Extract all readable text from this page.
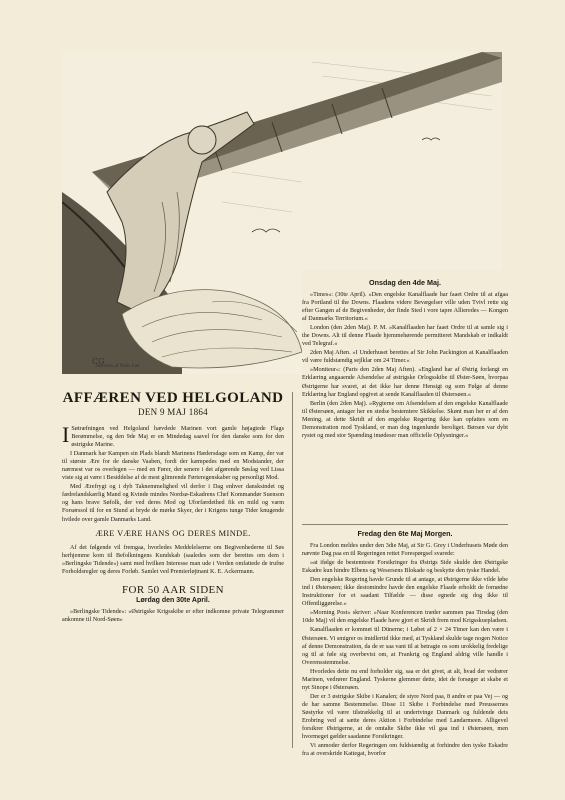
CG
Stævnen af Niels Juel
Onsdag den 4de Maj.

»Times«: (30te April). »Den engelske Kanalflaade har faaet Ordre til at afgaa fra Portland til the Downs. Flaadens videre Bevægelser ville uden Tvivl rette sig efter Gangen af de Begivenheder, der finde Sted i vore tapre Allieredes — Kongen af Danmarks Territorium.«

London (den 2den Maj). P. M. »Kanalflaaden har faaet Ordre til at samle sig i the Downs. Alt til denne Flaade hjemmehørende permitteret Mandskab er indkaldt ved Telegraf.«

2den Maj Aften. »I Underhuset berettes af Sir John Packington at Kanalflaaden vil være fuldstændig sejlklar om 24 Timer.«

»Moniteur«: (Paris den 2den Maj Aften). »England har af Østrig forlangt en Erklæring angaaende Afsendelse af østrigske Orlogsskibe til Øster-Søen, hvorpaa Østrigerne har svaret, at det ikke har denne Hensigt og som Følge af denne Erklæring har England opgivet at sende Kanalflaaden til Østersøen.«

Berlin (den 2den Maj). »Rygterne om Afsendelsen af den engelske Kanalflaade til Østersøen, antager her en stedse bestemtere Skikkelse. Skønt man her er af den Mening, at dette Skridt af den engelske Regering ikke kan opfattes som en Demonstration mod Tyskland, er man dog ingenlunde beroliget. Børsen var dybt rystet og med stor Spænding imødeser man officielle Oplysninger.«

AFFÆREN VED HELGOLAND
DEN 9 MAJ 1864

I Søtræfningen ved Helgoland hævdede Marinen vort gamle højagtede Flags Berømmelse, og den 9de Maj er en Mindedag saavel for den danske som for den østrigske Marine.

I Danmark har Kampen sin Plads blandt Marinens Hædersdage som en Kamp, der var til største Ære for de danske Vaaben, fordi der kæmpedes med en Modstander, der nærmest var os overlegen — med en Fører, der senere i det afgørende Søslag ved Lissa viste sig at være i Besiddelse af de mest glimrende Førteregenskaber og personligt Mod.

Med Ærefrygt og i dyb Taknemmelighed vil derfor i Dag enhver dansksindet og fædrelandskærlig Mand og Kvinde mindes Nordsø-Eskadrens Chef Kommandør Suenson og hans brave Søfolk, der ved deres Mod og Uforfærdethed fik en mild og varm Forsørssol til for en Stund at bryde de mørke Skyer, der i Krigens tunge Tider knugende hvilede over gamle Danmarks Land.

ÆRE VÆRE HANS OG DERES MINDE.

Af det følgende vil fremgaa, hvorledes Meddelelserne om Begivenhederne til Søs herhjemme kom til Befolkningens Kundskab (saaledes som der berettes om dem i »Berlingske Tidende«) samt med hvilken Interesse man ude i Verden omfattede de trufne Forholdsregler og deres Forløb. Samlet ved Premierløjtnant K. E. Ackermann.

FOR 50 AAR SIDEN
Lørdag den 30te April.

»Berlingske Tidende«: »Østrigske Krigsskibe er efter indkomne private Telegrammer ankomne til Nord-Søen«

Fredag den 6te Maj Morgen.

Fra London meldes under den 3die Maj, at Sir G. Grey i Underhusets Møde den nævnte Dag paa en til Regeringen rettet Forespørgsel svarede:

»at ifølge de bestemteste Forsikringer fra Østrigs Side skulde den Østrigske Eskadre kun hindre Elbens og Wesersens Blokade og beskytte den tyske Handel.

Den engelske Regering havde Grunde til at antage, at Østrigerne ikke vilde løbe ind i Østersøen; ikke destomindre havde den engelske Flaade erholdt de fornødne Instruktioner for et saadant Tilfælde — disse egnede sig dog ikke til Offentliggørelse.«

»Morning Post« skriver: »Naar Konferencen træder sammen paa Tirsdag (den 10de Maj) vil den engelske Flaade have gjort et Skridt frem mod Krigsskuepladsen.

Kanalflaaden er kommet til Dünerne; i Løbet af 2 × 24 Timer kan den være i Østersøen. Vi smigrer os imidlertid ikke med, at Tyskland skulde tage nogen Notice af denne Demonstration, da de er saa vant til at betragte os som urokkelig fredelige og til at føle sig overbevist om, at Frankrig og England aldrig ville handle i Overensstemmelse.

Hvorledes dette nu end forholder sig, saa er det givet, at alt, hvad der vedrører Marinen, vedrører England. Tyskerne glemmer dette, idet de forsøger at skabe et nyt Sinope i Østersøen.

Der er 3 østrigske Skibe i Kanalen; de styre Nord paa, 8 andre er paa Vej — og de har samme Bestemmelse. Disse 11 Skibe i Forbindelse med Preussernes Søstyrke vil være tilstrækkelig til at undertvinge Danmark og fuldende dets Erobring ved at sætte deres Aktion i Forbindelse med Landarmeen. Alligevel forsikrer Østrigerne, at de omtalte Skibe ikke vil gaa ind i Østersøen, men hvormeget gælder saadanne Forsikringer.

Vi anmoder derfor Regeringen om fuldstændig at forhindre den tyske Eskadre fra at overskride Kattegat, hvorfor
